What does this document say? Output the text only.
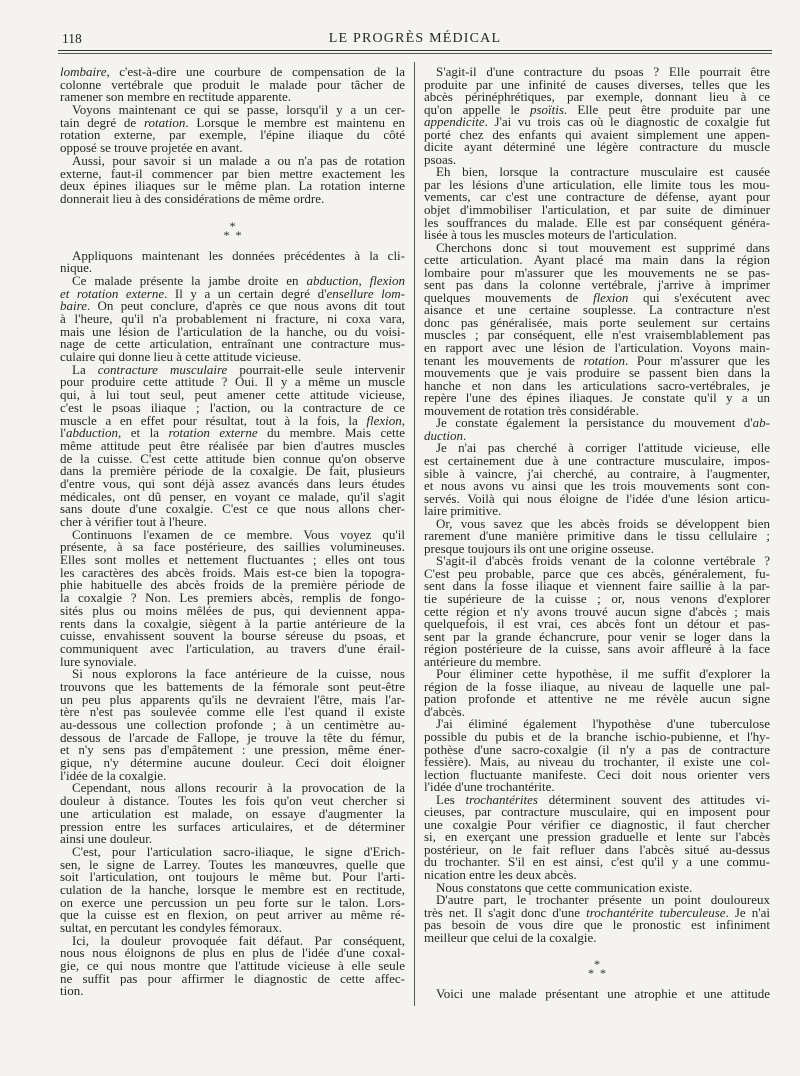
118	LE PROGRÈS MÉDICAL
lombaire, c'est-à-dire une courbure de compensation de la
colonne vertébrale que produit le malade pour tâcher de
ramener son membre en rectitude apparente.
Voyons maintenant ce qui se passe, lorsqu'il y a un cer-
tain degré de rotation. Lorsque le membre est maintenu en
rotation externe, par exemple, l'épine iliaque du côté
opposé se trouve projetée en avant.
Aussi, pour savoir si un malade a ou n'a pas de rotation
externe, faut-il commencer par bien mettre exactement les
deux épines iliaques sur le même plan. La rotation interne
donnerait lieu à des considérations de même ordre.
*
* *
Appliquons maintenant les données précédentes à la cli-
nique.
Ce malade présente la jambe droite en abduction, flexion
et rotation externe. Il y a un certain degré d'ensellure lom-
baire. On peut conclure, d'après ce que nous avons dit tout
à l'heure, qu'il n'a probablement ni fracture, ni coxa vara,
mais une lésion de l'articulation de la hanche, ou du voisi-
nage de cette articulation, entraînant une contracture mus-
culaire qui donne lieu à cette attitude vicieuse.
La contracture musculaire pourrait-elle seule intervenir
pour produire cette attitude ? Oui. Il y a même un muscle
qui, à lui tout seul, peut amener cette attitude vicieuse,
c'est le psoas iliaque ; l'action, ou la contracture de ce
muscle a en effet pour résultat, tout à la fois, la flexion,
l'abduction, et la rotation externe du membre. Mais cette
même attitude peut être réalisée par bien d'autres muscles
de la cuisse. C'est cette attitude bien connue qu'on observe
dans la première période de la coxalgie. De fait, plusieurs
d'entre vous, qui sont déjà assez avancés dans leurs études
médicales, ont dû penser, en voyant ce malade, qu'il s'agit
sans doute d'une coxalgie. C'est ce que nous allons cher-
cher à vérifier tout à l'heure.
Continuons l'examen de ce membre. Vous voyez qu'il
présente, à sa face postérieure, des saillies volumineuses.
Elles sont molles et nettement fluctuantes ; elles ont tous
les caractères des abcès froids. Mais est-ce bien la topogra-
phie habituelle des abcès froids de la première période de
la coxalgie ? Non. Les premiers abcès, remplis de fongo-
sités plus ou moins mêlées de pus, qui deviennent appa-
rents dans la coxalgie, siègent à la partie antérieure de la
cuisse, envahissent souvent la bourse séreuse du psoas, et
communiquent avec l'articulation, au travers d'une érail-
lure synoviale.
Si nous explorons la face antérieure de la cuisse, nous
trouvons que les battements de la fémorale sont peut-être
un peu plus apparents qu'ils ne devraient l'être, mais l'ar-
tère n'est pas soulevée comme elle l'est quand il existe
au-dessous une collection profonde ; à un centimètre au-
dessous de l'arcade de Fallope, je trouve la tête du fémur,
et n'y sens pas d'empâtement : une pression, même éner-
gique, n'y détermine aucune douleur. Ceci doit éloigner
l'idée de la coxalgie.
Cependant, nous allons recourir à la provocation de la
douleur à distance. Toutes les fois qu'on veut chercher si
une articulation est malade, on essaye d'augmenter la
pression entre les surfaces articulaires, et de déterminer
ainsi une douleur.
C'est, pour l'articulation sacro-iliaque, le signe d'Erich-
sen, le signe de Larrey. Toutes les manœuvres, quelle que
soit l'articulation, ont toujours le même but. Pour l'arti-
culation de la hanche, lorsque le membre est en rectitude,
on exerce une percussion un peu forte sur le talon. Lors-
que la cuisse est en flexion, on peut arriver au même ré-
sultat, en percutant les condyles fémoraux.
Ici, la douleur provoquée fait défaut. Par conséquent,
nous nous éloignons de plus en plus de l'idée d'une coxal-
gie, ce qui nous montre que l'attitude vicieuse à elle seule
ne suffit pas pour affirmer le diagnostic de cette affec-
tion.
S'agit-il d'une contracture du psoas ? Elle pourrait être
produite par une infinité de causes diverses, telles que les
abcès périnéphrétiques, par exemple, donnant lieu à ce
qu'on appelle le psoïtis. Elle peut être produite par une
appendicite. J'ai vu trois cas où le diagnostic de coxalgie fut
porté chez des enfants qui avaient simplement une appen-
dicite ayant déterminé une légère contracture du muscle
psoas.
Eh bien, lorsque la contracture musculaire est causée
par les lésions d'une articulation, elle limite tous les mou-
vements, car c'est une contracture de défense, ayant pour
objet d'immobiliser l'articulation, et par suite de diminuer
les souffrances du malade. Elle est par conséquent généra-
lisée à tous les muscles moteurs de l'articulation.
Cherchons donc si tout mouvement est supprimé dans
cette articulation. Ayant placé ma main dans la région
lombaire pour m'assurer que les mouvements ne se pas-
sent pas dans la colonne vertébrale, j'arrive à imprimer
quelques mouvements de flexion qui s'exécutent avec
aisance et une certaine souplesse. La contracture n'est
donc pas généralisée, mais porte seulement sur certains
muscles ; par conséquent, elle n'est vraisemblablement pas
en rapport avec une lésion de l'articulation. Voyons main-
tenant les mouvements de rotation. Pour m'assurer que les
mouvements que je vais produire se passent bien dans la
hanche et non dans les articulations sacro-vertébrales, je
repère l'une des épines iliaques. Je constate qu'il y a un
mouvement de rotation très considérable.
Je constate également la persistance du mouvement d'ab-
duction.
Je n'ai pas cherché à corriger l'attitude vicieuse, elle
est certainement due à une contracture musculaire, impos-
sible à vaincre, j'ai cherché, au contraire, à l'augmenter,
et nous avons vu ainsi que les trois mouvements sont con-
servés. Voilà qui nous éloigne de l'idée d'une lésion articu-
laire primitive.
Or, vous savez que les abcès froids se développent bien
rarement d'une manière primitive dans le tissu cellulaire ;
presque toujours ils ont une origine osseuse.
S'agit-il d'abcès froids venant de la colonne vertébrale ?
C'est peu probable, parce que ces abcès, généralement, fu-
sent dans la fosse iliaque et viennent faire saillie à la par-
tie supérieure de la cuisse ; or, nous venons d'explorer
cette région et n'y avons trouvé aucun signe d'abcès ; mais
quelquefois, il est vrai, ces abcès font un détour et pas-
sent par la grande échancrure, pour venir se loger dans la
région postérieure de la cuisse, sans avoir affleuré à la face
antérieure du membre.
Pour éliminer cette hypothèse, il me suffit d'explorer la
région de la fosse iliaque, au niveau de laquelle une pal-
pation profonde et attentive ne me révèle aucun signe
d'abcès.
J'ai éliminé également l'hypothèse d'une tuberculose
possible du pubis et de la branche ischio-pubienne, et l'hy-
pothèse d'une sacro-coxalgie (il n'y a pas de contracture
fessière). Mais, au niveau du trochanter, il existe une col-
lection fluctuante manifeste. Ceci doit nous orienter vers
l'idée d'une trochantérite.
Les trochantérites déterminent souvent des attitudes vi-
cieuses, par contracture musculaire, qui en imposent pour
une coxalgie Pour vérifier ce diagnostic, il faut chercher
si, en exerçant une pression graduelle et lente sur l'abcès
postérieur, on le fait refluer dans l'abcès situé au-dessus
du trochanter. S'il en est ainsi, c'est qu'il y a une commu-
nication entre les deux abcès.
Nous constatons que cette communication existe.
D'autre part, le trochanter présente un point douloureux
très net. Il s'agit donc d'une trochantérite tuberculeuse. Je n'ai
pas besoin de vous dire que le pronostic est infiniment
meilleur que celui de la coxalgie.
*
* *
Voici une malade présentant une atrophie et une attitude
